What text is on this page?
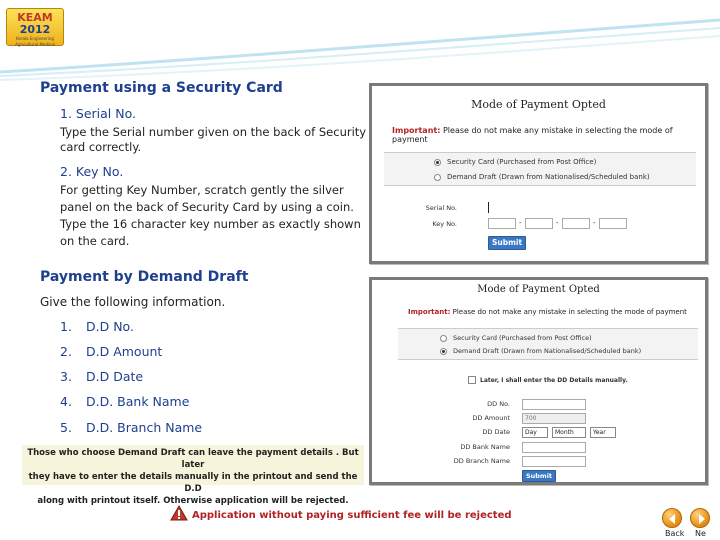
KEAM
2012
Kerala Engineering Agricultural Medical
Payment using a Security Card
1. Serial No.
Type the Serial number given on the back of Security
card correctly.
2. Key No.
For getting Key Number, scratch gently the silver
panel on the back of Security Card by using a coin.
Type the 16 character key number as exactly shown
on the card.
Payment by Demand Draft
Give the following information.
1. D.D No.
2. D.D Amount
3. D.D Date
4. D.D. Bank Name
5. D.D. Branch Name
Those who choose Demand Draft can leave the payment details . But later
they have to enter the details manually in the printout and send the D.D
along with printout itself. Otherwise application will be rejected.
Mode of Payment Opted
Important: Please do not make any mistake in selecting the mode of payment
Security Card (Purchased from Post Office)
Demand Draft (Drawn from Nationalised/Scheduled bank)
Serial No.
Key No.	-	-	-
Submit
Mode of Payment Opted
Important: Please do not make any mistake in selecting the mode of payment
Security Card (Purchased from Post Office)
Demand Draft (Drawn from Nationalised/Scheduled bank)
Later, I shall enter the DD Details manually.
DD No.
DD Amount	700
DD Date	Day	Month	Year
DD Bank Name
DD Branch Name
Submit
Application without paying sufficient fee will be rejected
Back Ne
